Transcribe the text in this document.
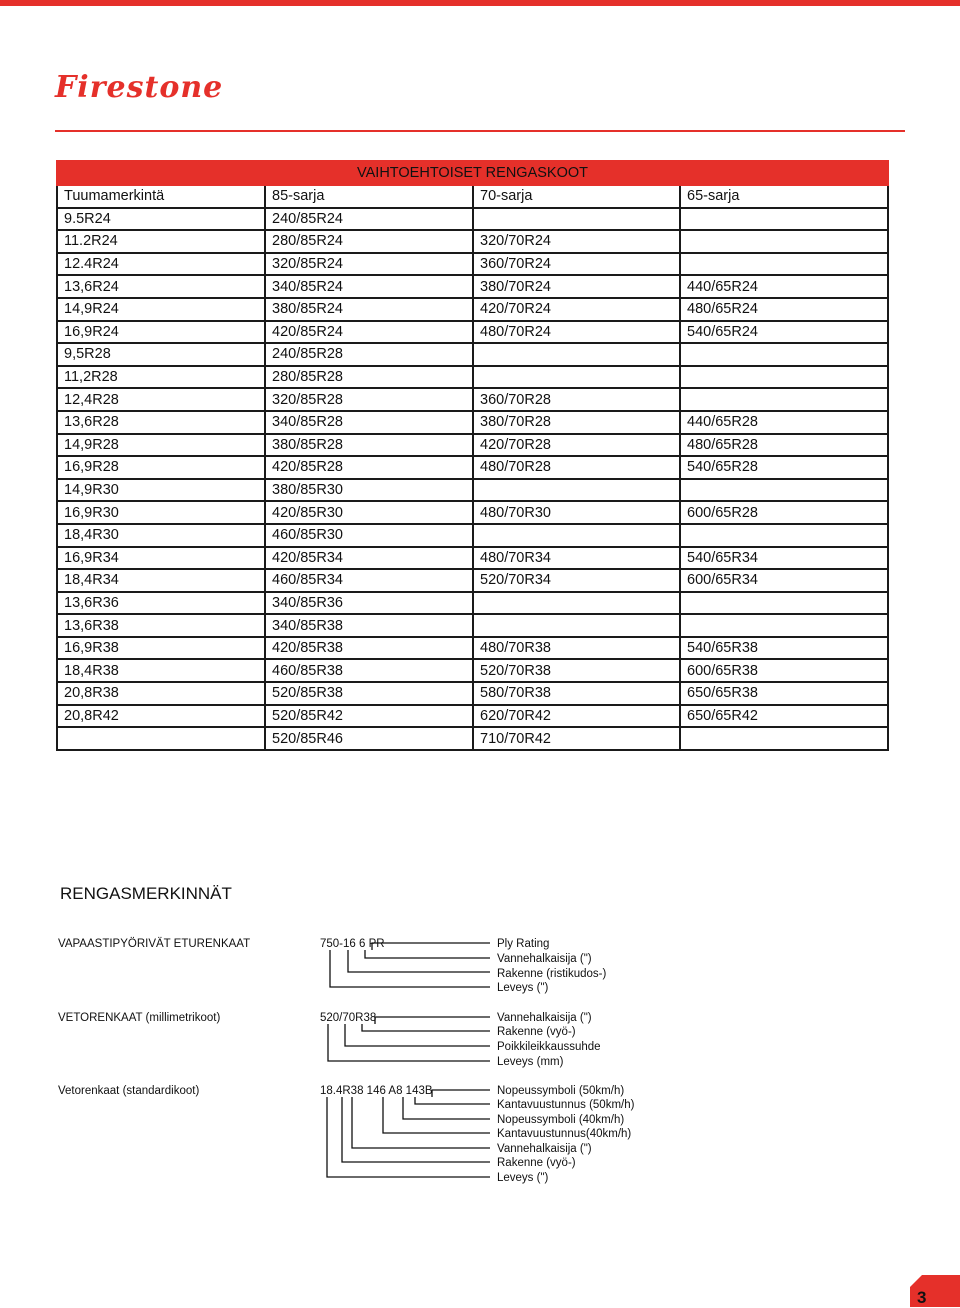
Firestone
VAIHTOEHTOISET RENGASKOOT			
Tuumamerkintä	85-sarja	70-sarja	65-sarja
9.5R24	240/85R24		
11.2R24	280/85R24	320/70R24	
12.4R24	320/85R24	360/70R24	
13,6R24	340/85R24	380/70R24	440/65R24
14,9R24	380/85R24	420/70R24	480/65R24
16,9R24	420/85R24	480/70R24	540/65R24
9,5R28	240/85R28		
11,2R28	280/85R28		
12,4R28	320/85R28	360/70R28	
13,6R28	340/85R28	380/70R28	440/65R28
14,9R28	380/85R28	420/70R28	480/65R28
16,9R28	420/85R28	480/70R28	540/65R28
14,9R30	380/85R30		
16,9R30	420/85R30	480/70R30	600/65R28
18,4R30	460/85R30		
16,9R34	420/85R34	480/70R34	540/65R34
18,4R34	460/85R34	520/70R34	600/65R34
13,6R36	340/85R36		
13,6R38	340/85R38		
16,9R38	420/85R38	480/70R38	540/65R38
18,4R38	460/85R38	520/70R38	600/65R38
20,8R38	520/85R38	580/70R38	650/65R38
20,8R42	520/85R42	620/70R42	650/65R42
	520/85R46	710/70R42	
RENGASMERKINNÄT
VAPAASTIPYÖRIVÄT ETURENKAAT	750-16 6 PR	Ply Rating
Vannehalkaisija (")
Rakenne (ristikudos-)
Leveys (")
VETORENKAAT (millimetrikoot)	520/70R38	Vannehalkaisija (")
Rakenne (vyö-)
Poikkileikkaussuhde
Leveys (mm)
Vetorenkaat (standardikoot)	18.4R38 146 A8 143B	Nopeussymboli (50km/h)
Kantavuustunnus (50km/h)
Nopeussymboli (40km/h)
Kantavuustunnus(40km/h)
Vannehalkaisija (")
Rakenne (vyö-)
Leveys (")
3
